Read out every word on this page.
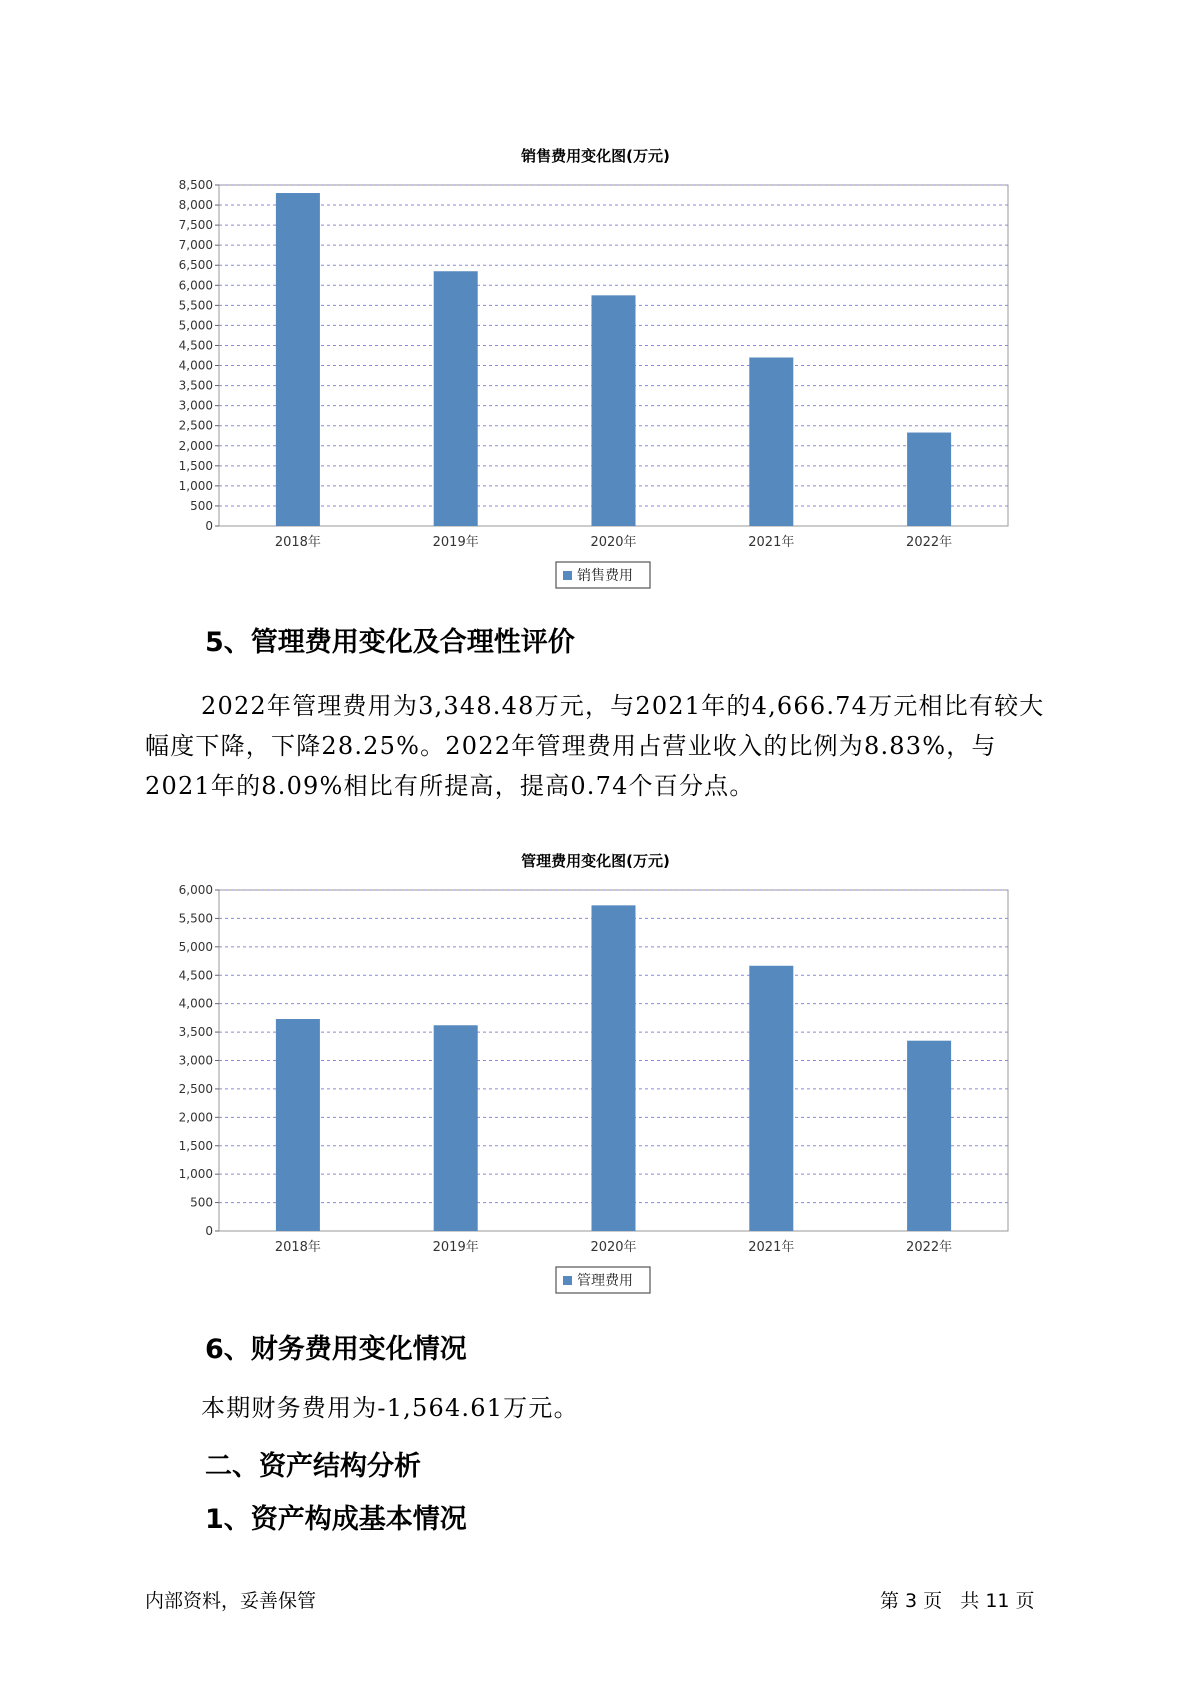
销售费用变化图(万元)
0
500
1,000
1,500
2,000
2,500
3,000
3,500
4,000
4,500
5,000
5,500
6,000
6,500
7,000
7,500
8,000
8,500
2018年	2019年	2020年	2021年	2022年
销售费用
5、管理费用变化及合理性评价

2022年管理费用为3,348.48万元，与2021年的4,666.74万元相比有较大幅度下降，下降28.25%。2022年管理费用占营业收入的比例为8.83%，与2021年的8.09%相比有所提高，提高0.74个百分点。

管理费用变化图(万元)
0
500
1,000
1,500
2,000
2,500
3,000
3,500
4,000
4,500
5,000
5,500
6,000
2018年	2019年	2020年	2021年	2022年
管理费用
6、财务费用变化情况

本期财务费用为-1,564.61万元。

二、资产结构分析
1、资产构成基本情况
内部资料，妥善保管	第 3 页   共 11 页
